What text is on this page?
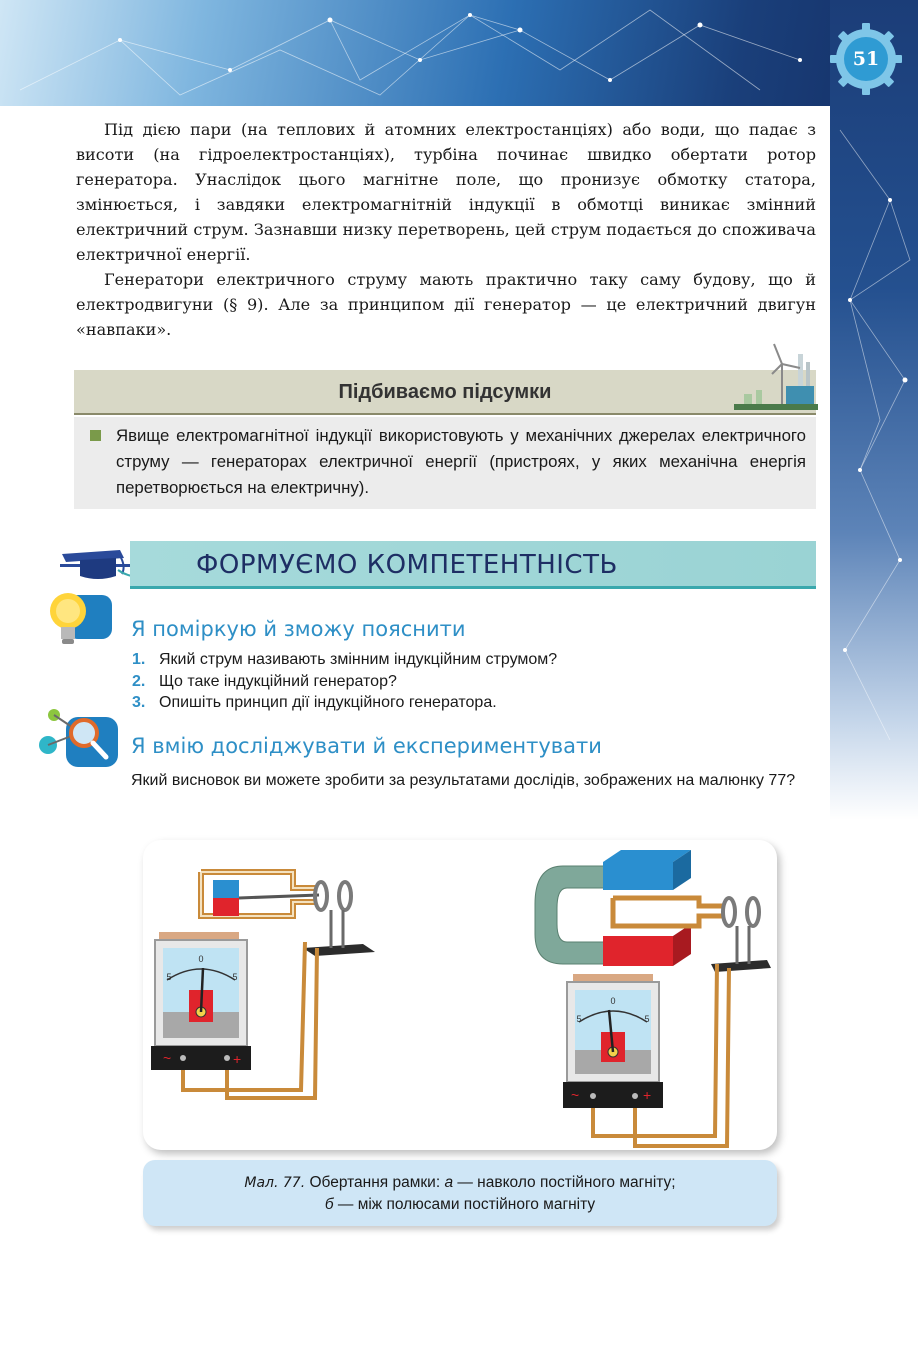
51

Під дією пари (на теплових й атомних електростанціях) або води, що падає з висоти (на гідроелектростанціях), турбіна починає швидко обертати ротор генератора. Унаслідок цього магнітне поле, що пронизує обмотку статора, змінюється, і завдяки електромагнітній індукції в обмотці виникає змінний електричний струм. Зазнавши низку перетворень, цей струм подається до споживача електричної енергії.

Генератори електричного струму мають практично таку саму будову, що й електродвигуни (§ 9). Але за принципом дії генератор — це електричний двигун «навпаки».

Підбиваємо підсумки

Явище електромагнітної індукції використовують у механічних джерелах електричного струму — генераторах електричної енергії (пристроях, у яких механічна енергія перетворюється на електричну).

ФОРМУЄМО КОМПЕТЕНТНІСТЬ
Я поміркую й зможу пояснити
1. Який струм називають змінним індукційним струмом?
2. Що таке індукційний генератор?
3. Опишіть принцип дії індукційного генератора.
Я вмію досліджувати й експериментувати

Який висновок ви можете зробити за результатами дослідів, зображених на малюнку 77?

0
5	5
~	+
0
5	5
~	+
Мал. 77. Обертання рамки: а — навколо постійного магніту;
б — між полюсами постійного магніту
